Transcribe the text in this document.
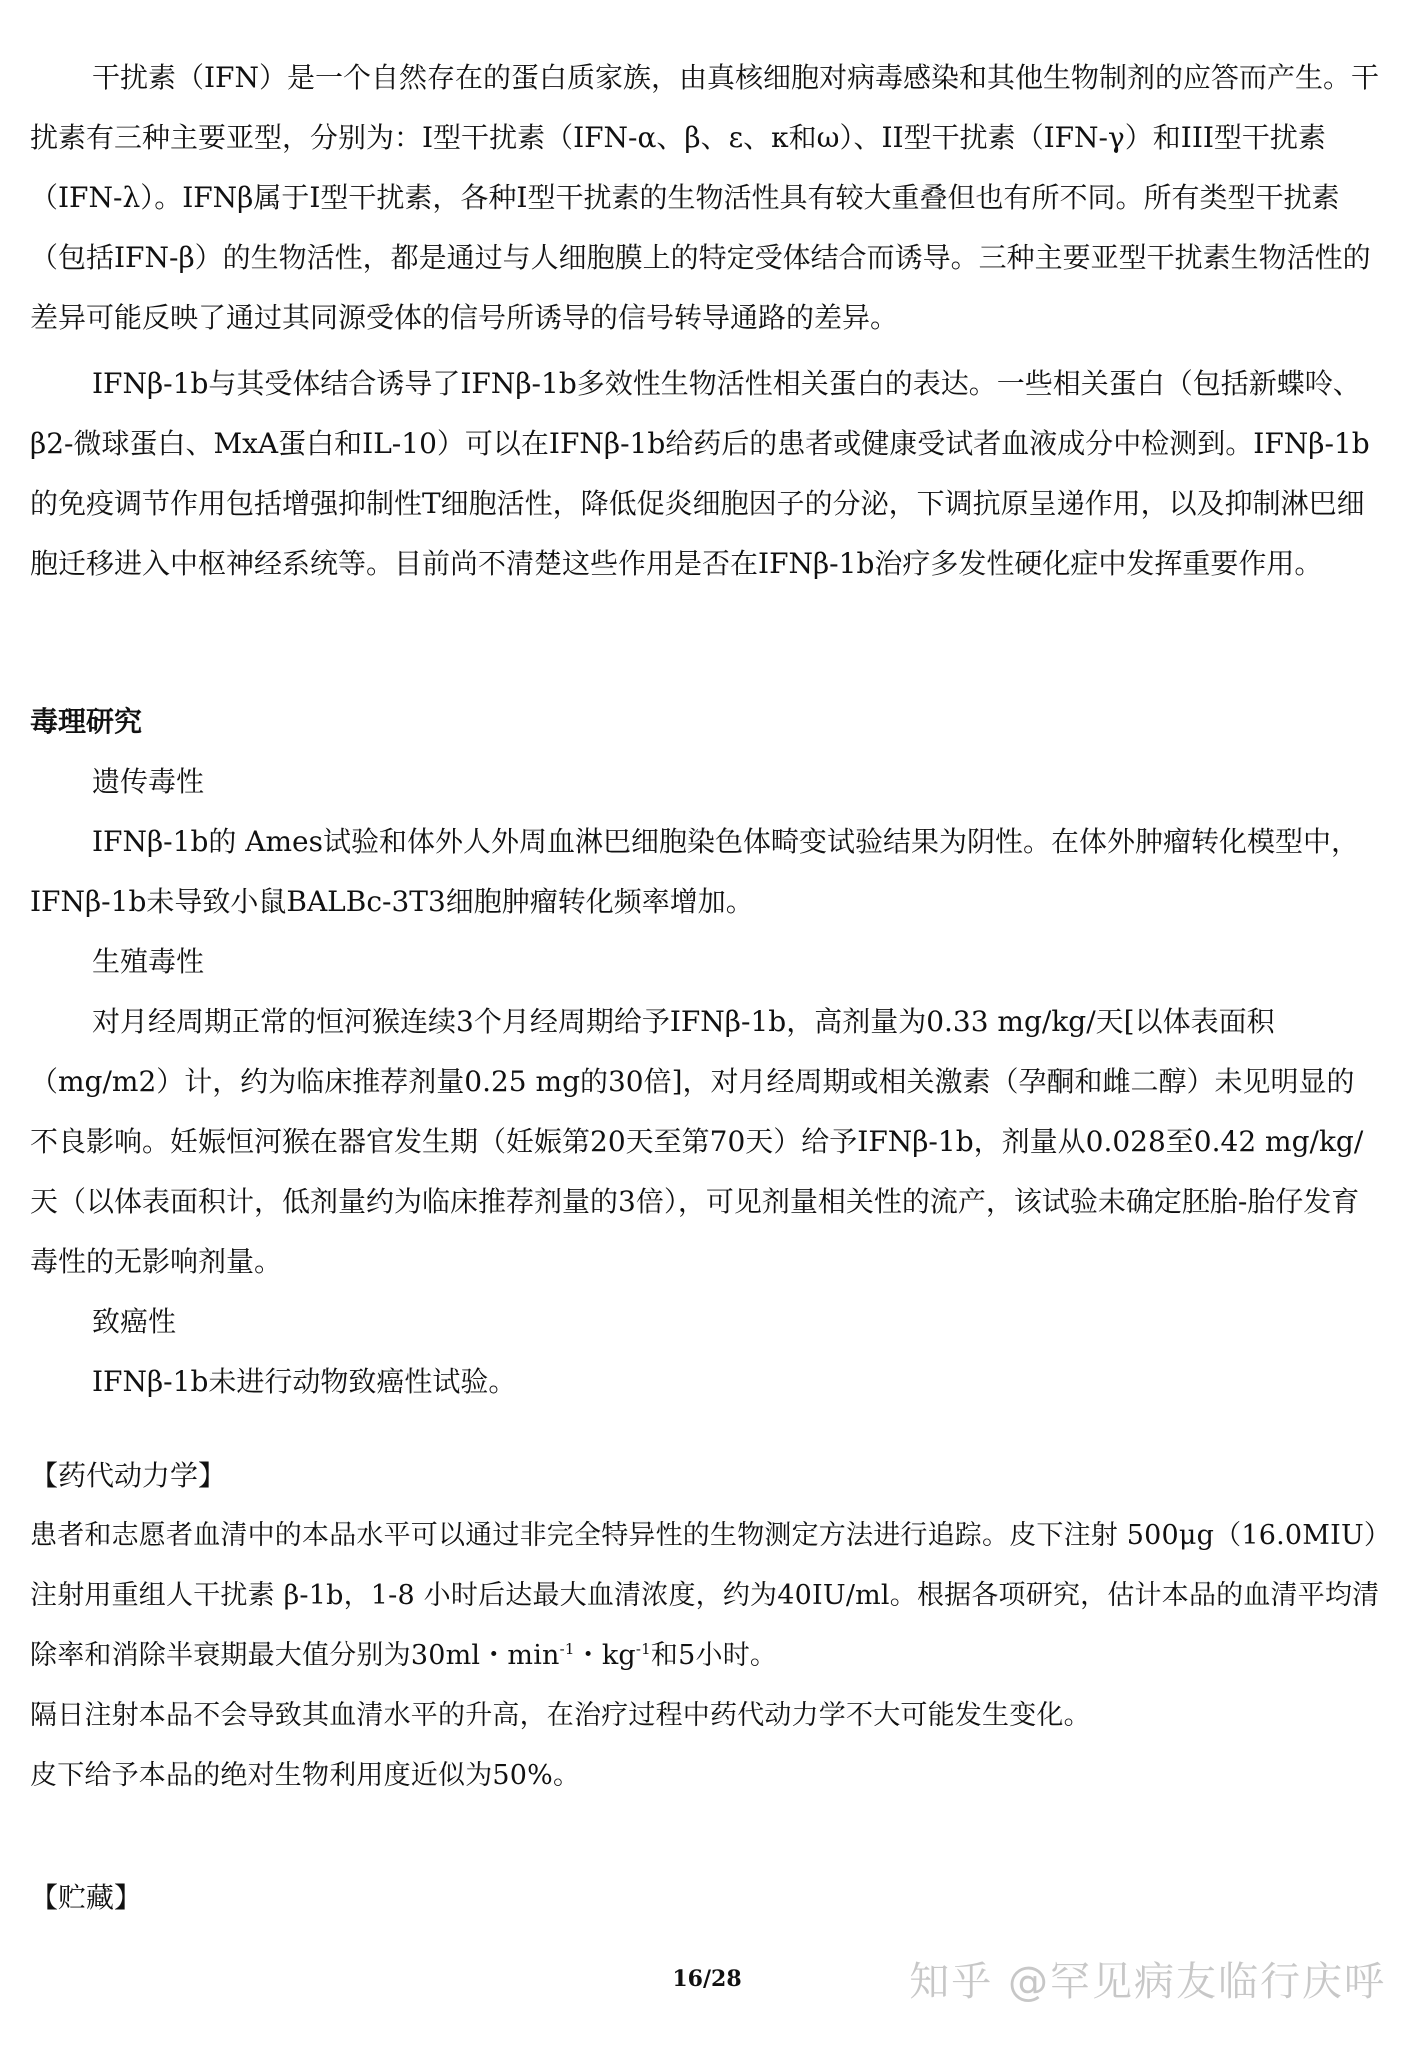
干扰素（IFN）是一个自然存在的蛋白质家族，由真核细胞对病毒感染和其他生物制剂的应答而产生。干扰素有三种主要亚型，分别为：I型干扰素（IFN-α、β、ε、κ和ω）、II型干扰素（IFN-γ）和III型干扰素（IFN-λ）。IFNβ属于I型干扰素，各种I型干扰素的生物活性具有较大重叠但也有所不同。所有类型干扰素（包括IFN-β）的生物活性，都是通过与人细胞膜上的特定受体结合而诱导。三种主要亚型干扰素生物活性的差异可能反映了通过其同源受体的信号所诱导的信号转导通路的差异。

IFNβ-1b与其受体结合诱导了IFNβ-1b多效性生物活性相关蛋白的表达。一些相关蛋白（包括新蝶呤、β2-微球蛋白、MxA蛋白和IL-10）可以在IFNβ-1b给药后的患者或健康受试者血液成分中检测到。IFNβ-1b的免疫调节作用包括增强抑制性T细胞活性，降低促炎细胞因子的分泌，下调抗原呈递作用，以及抑制淋巴细胞迁移进入中枢神经系统等。目前尚不清楚这些作用是否在IFNβ-1b治疗多发性硬化症中发挥重要作用。

毒理研究

遗传毒性

IFNβ-1b的 Ames试验和体外人外周血淋巴细胞染色体畸变试验结果为阴性。在体外肿瘤转化模型中，IFNβ-1b未导致小鼠BALBc-3T3细胞肿瘤转化频率增加。

生殖毒性

对月经周期正常的恒河猴连续3个月经周期给予IFNβ-1b，高剂量为0.33 mg/kg/天[以体表面积（mg/m2）计，约为临床推荐剂量0.25 mg的30倍]，对月经周期或相关激素（孕酮和雌二醇）未见明显的不良影响。妊娠恒河猴在器官发生期（妊娠第20天至第70天）给予IFNβ-1b，剂量从0.028至0.42 mg/kg/天（以体表面积计，低剂量约为临床推荐剂量的3倍），可见剂量相关性的流产，该试验未确定胚胎-胎仔发育毒性的无影响剂量。

致癌性

IFNβ-1b未进行动物致癌性试验。

【药代动力学】

患者和志愿者血清中的本品水平可以通过非完全特异性的生物测定方法进行追踪。皮下注射 500μg（16.0MIU）注射用重组人干扰素 β-1b，1-8 小时后达最大血清浓度，约为40IU/ml。根据各项研究，估计本品的血清平均清除率和消除半衰期最大值分别为30ml・$\min^{-1}$・$kg^{-1}$和5小时。

隔日注射本品不会导致其血清水平的升高，在治疗过程中药代动力学不大可能发生变化。

皮下给予本品的绝对生物利用度近似为50%。

【贮藏】

16/28	知乎 @罕见病友临行庆呼
